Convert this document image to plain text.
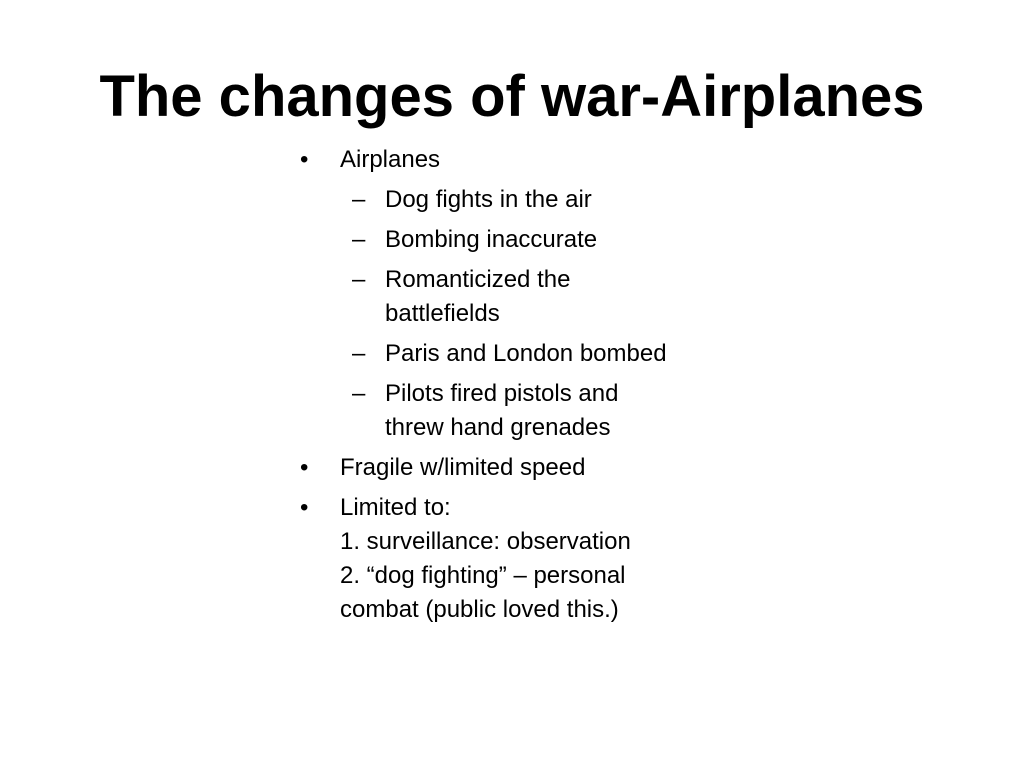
The changes of war-Airplanes
•	Airplanes
– Dog fights in the air
– Bombing inaccurate
– Romanticized the
battlefields
– Paris and London bombed
– Pilots fired pistols and
threw hand grenades
•	Fragile w/limited speed
•	Limited to:
1. surveillance: observation
2. “dog fighting” – personal
combat (public loved this.)
